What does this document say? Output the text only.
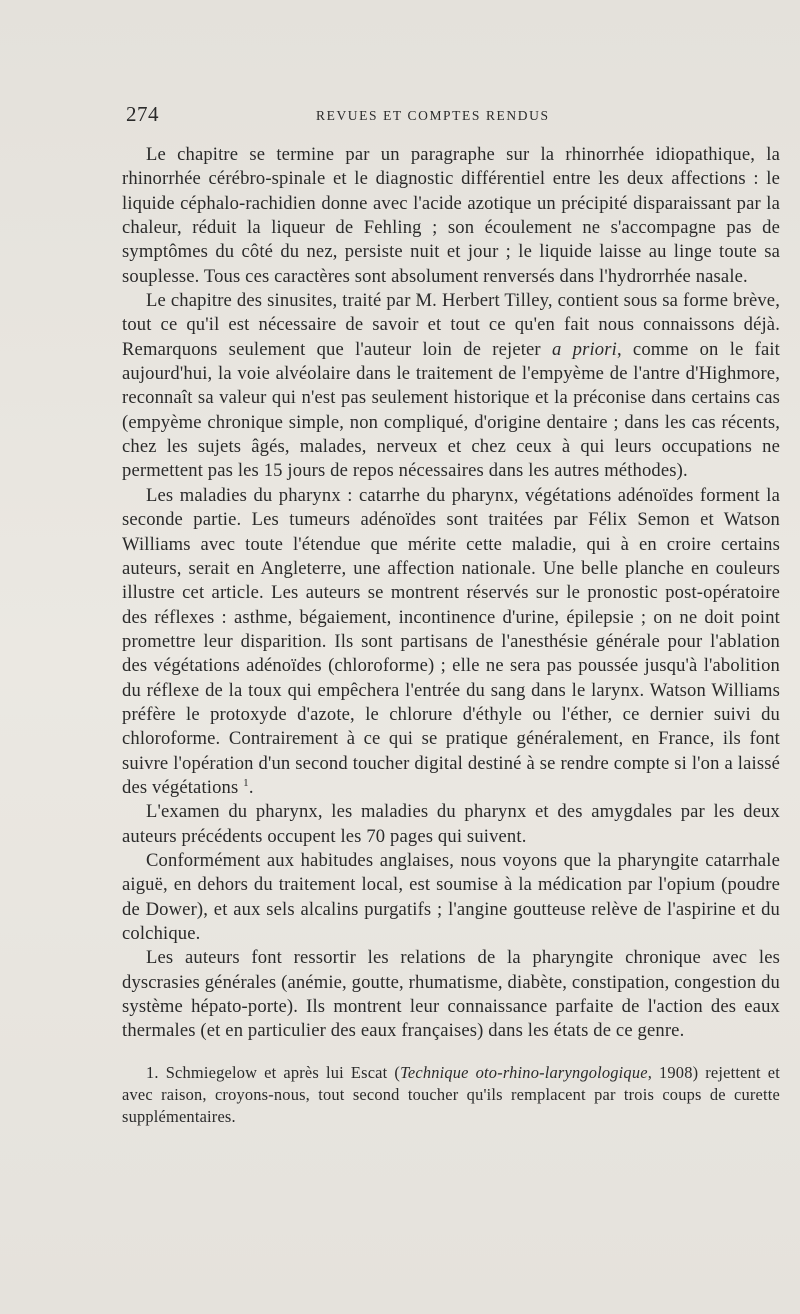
274	REVUES ET COMPTES RENDUS

Le chapitre se termine par un paragraphe sur la rhinorrhée idiopathique, la rhinorrhée cérébro-spinale et le diagnostic différentiel entre les deux affections : le liquide céphalo-rachidien donne avec l'acide azotique un précipité disparaissant par la chaleur, réduit la liqueur de Fehling ; son écoulement ne s'accompagne pas de symptômes du côté du nez, persiste nuit et jour ; le liquide laisse au linge toute sa souplesse. Tous ces caractères sont absolument renversés dans l'hydrorrhée nasale.

Le chapitre des sinusites, traité par M. Herbert Tilley, contient sous sa forme brève, tout ce qu'il est nécessaire de savoir et tout ce qu'en fait nous connaissons déjà. Remarquons seulement que l'auteur loin de rejeter a priori, comme on le fait aujourd'hui, la voie alvéolaire dans le traitement de l'empyème de l'antre d'Highmore, reconnaît sa valeur qui n'est pas seulement historique et la préconise dans certains cas (empyème chronique simple, non compliqué, d'origine dentaire ; dans les cas récents, chez les sujets âgés, malades, nerveux et chez ceux à qui leurs occupations ne permettent pas les 15 jours de repos nécessaires dans les autres méthodes).

Les maladies du pharynx : catarrhe du pharynx, végétations adénoïdes forment la seconde partie. Les tumeurs adénoïdes sont traitées par Félix Semon et Watson Williams avec toute l'étendue que mérite cette maladie, qui à en croire certains auteurs, serait en Angleterre, une affection nationale. Une belle planche en couleurs illustre cet article. Les auteurs se montrent réservés sur le pronostic post-opératoire des réflexes : asthme, bégaiement, incontinence d'urine, épilepsie ; on ne doit point promettre leur disparition. Ils sont partisans de l'anesthésie générale pour l'ablation des végétations adénoïdes (chloroforme) ; elle ne sera pas poussée jusqu'à l'abolition du réflexe de la toux qui empêchera l'entrée du sang dans le larynx. Watson Williams préfère le protoxyde d'azote, le chlorure d'éthyle ou l'éther, ce dernier suivi du chloroforme. Contrairement à ce qui se pratique généralement, en France, ils font suivre l'opération d'un second toucher digital destiné à se rendre compte si l'on a laissé des végétations $^1$.

L'examen du pharynx, les maladies du pharynx et des amygdales par les deux auteurs précédents occupent les 70 pages qui suivent.

Conformément aux habitudes anglaises, nous voyons que la pharyngite catarrhale aiguë, en dehors du traitement local, est soumise à la médication par l'opium (poudre de Dower), et aux sels alcalins purgatifs ; l'angine goutteuse relève de l'aspirine et du colchique.

Les auteurs font ressortir les relations de la pharyngite chronique avec les dyscrasies générales (anémie, goutte, rhumatisme, diabète, constipation, congestion du système hépato-porte). Ils montrent leur connaissance parfaite de l'action des eaux thermales (et en particulier des eaux françaises) dans les états de ce genre.

1. Schmiegelow et après lui Escat (Technique oto-rhino-laryngologique, 1908) rejettent et avec raison, croyons-nous, tout second toucher qu'ils remplacent par trois coups de curette supplémentaires.
